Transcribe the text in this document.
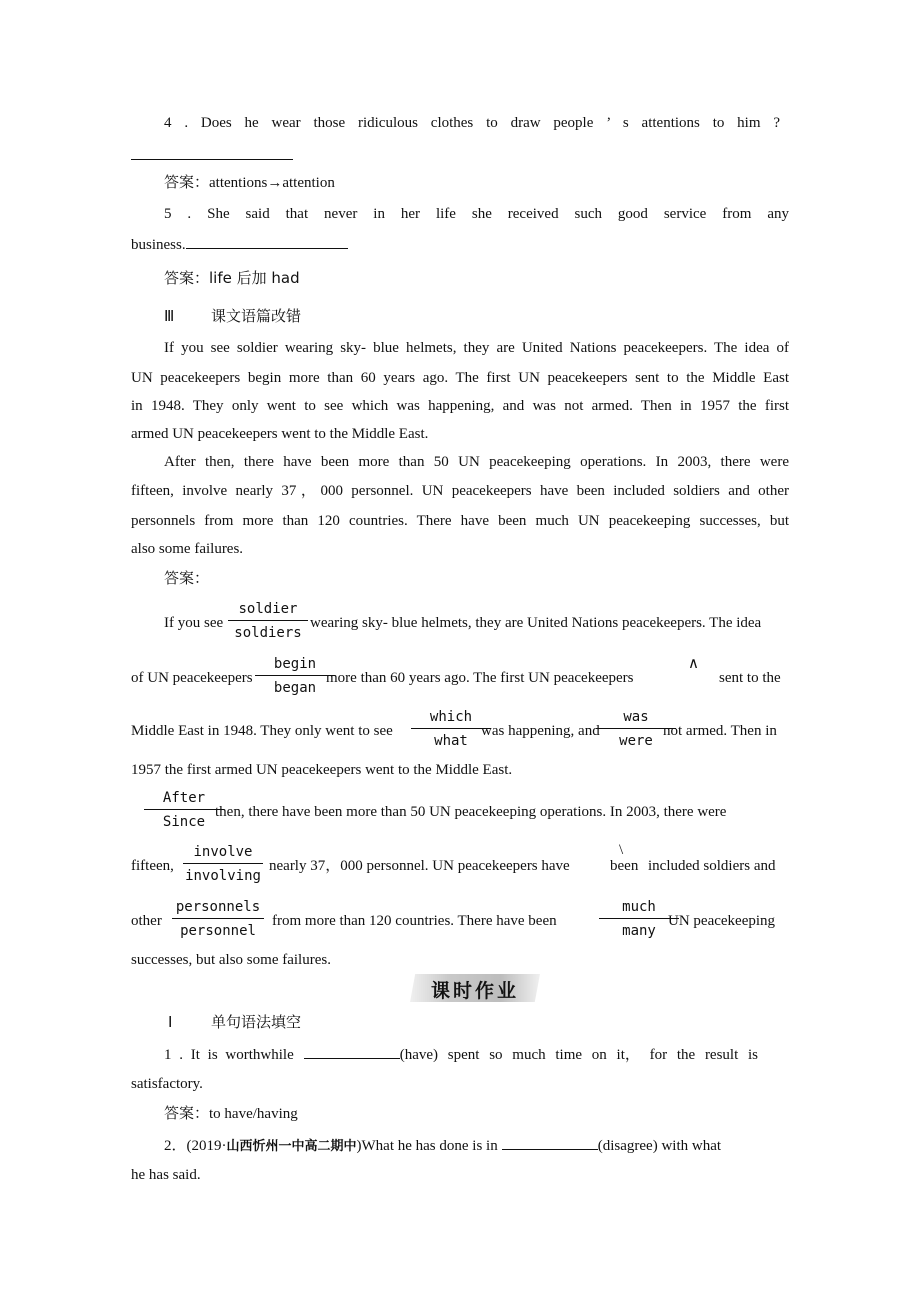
4 . Does he wear those ridiculous clothes to draw people ’ s attentions to him ?
答案：attentions→attention
5 . She said that never in her life she received such good service from any
business.
答案：life 后加 had
Ⅲ 课文语篇改错
If you see soldier wearing sky- blue helmets, they are United Nations peacekeepers. The idea of
UN peacekeepers begin more than 60 years ago. The first UN peacekeepers sent to the Middle East
in 1948. They only went to see which was happening, and was not armed. Then in 1957 the first
armed UN peacekeepers went to the Middle East.
After then, there have been more than 50 UN peacekeeping operations. In 2003, there were
fifteen, involve nearly 37，000 personnel. UN peacekeepers have been included soldiers and other
personnels from more than 120 countries. There have been much UN peacekeeping successes, but
also some failures.
答案：
If you see
soldier
soldiers
wearing sky- blue helmets, they are United Nations peacekeepers. The idea
of UN peacekeepers
begin
began
more than 60 years ago. The first UN peacekeepers
∧
sent to the
Middle East in 1948. They only went to see
which
what
was happening, and
was
were
not armed. Then in
1957 the first armed UN peacekeepers went to the Middle East.
After
Since
then, there have been more than 50 UN peacekeeping operations. In 2003, there were
fifteen,
involve
involving
nearly 37，000 personnel. UN peacekeepers have
\
been included soldiers and
other
personnels
personnel
from more than 120 countries. There have been
much
many
UN peacekeeping
successes, but also some failures.
课时作业
Ⅰ	单句语法填空
1 . It is worthwhile	(have) spent so much time on it， for the result is
satisfactory.
答案：to have/having
2．(2019·山西忻州一中高二期中)What he has done is in	(disagree) with what
he has said.
